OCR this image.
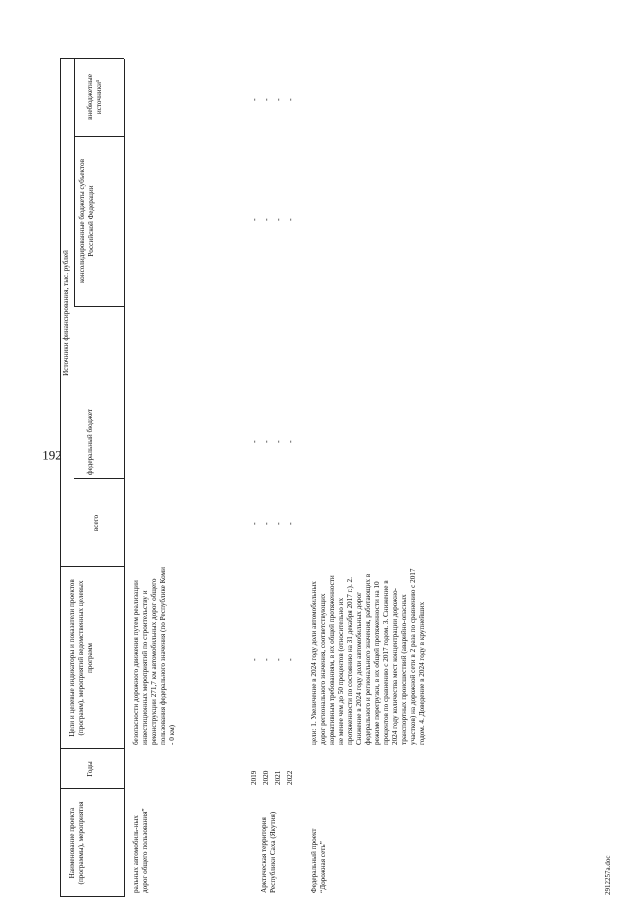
192
2912257а.doc
Наименование проекта (программы), мероприятия
Годы
Цели и целевые индикаторы и показатели проектов (программ), мероприятий ведомственных целевых программ
Источники финансирования, тыс. рублей
всего
федеральный бюджет
консолидированные бюджеты субъектов Российской Федерации
внебюджетные источники¹
ральных автомобиль-ных дорог общего пользования”
безопасности дорожного движения путем реализации инвестиционных мероприятий по строительству и реконструкции 271,7 км автомобильных дорог общего пользования федерального значения (по Республике Коми - 0 км)
Арктическая территория Республики Саха (Якутия)
2019 2020 2021 2022
- - - -
- - - -
- - - -
- - - -
- - - -
Федеральный проект “Дорожная сеть”
цели: 1. Увеличение в 2024 году доли автомобильных дорог регионального значения, соответствующих нормативным требованиям, в их общей протяженности не менее чем до 50 процентов (относительно их протяженности по состоянию на 31 декабря 2017 г.). 2. Снижение в 2024 году доли автомобильных дорог федерального и регионального значения, работающих в режиме перегрузки, в их общей протяженности на 10 процентов по сравнению с 2017 годом. 3. Снижение в 2024 году количества мест концентрации дорожно-транспортных происшествий (аварийно-опасных участков) на дорожной сети в 2 раза по сравнению с 2017 годом. 4. Доведение в 2024 году в крупнейших
